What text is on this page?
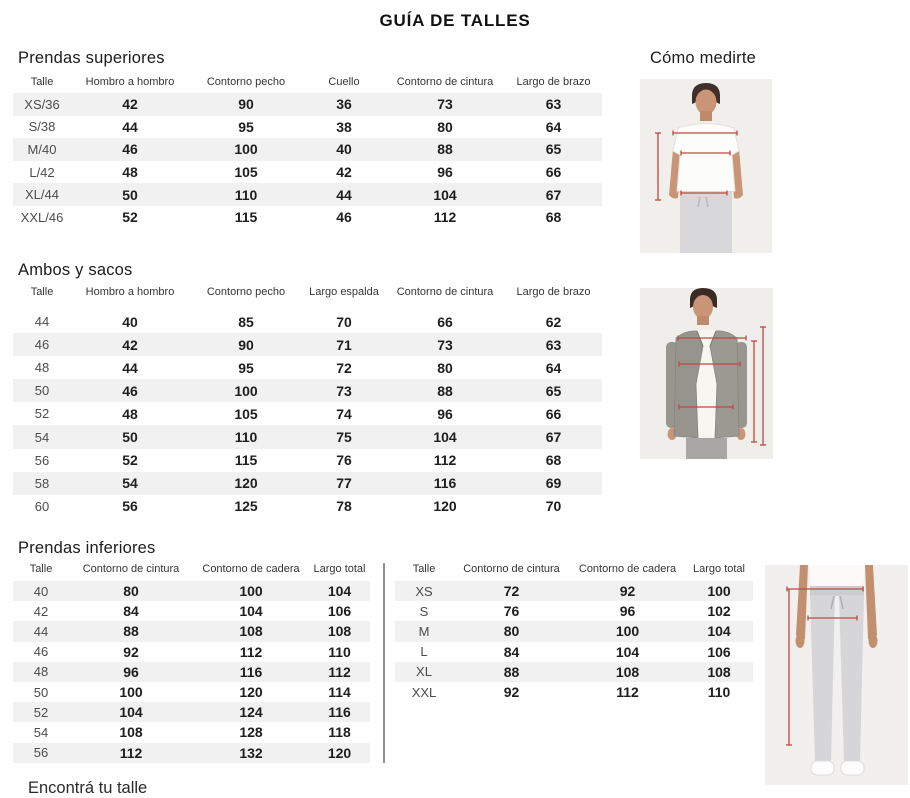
GUÍA DE TALLES
Prendas superiores
Talle	Hombro a hombro	Contorno pecho	Cuello	Contorno de cintura	Largo de brazo
XS/36	42	90	36	73	63
S/38	44	95	38	80	64
M/40	46	100	40	88	65
L/42	48	105	42	96	66
XL/44	50	110	44	104	67
XXL/46	52	115	46	112	68
Ambos y sacos
Talle	Hombro a hombro	Contorno pecho	Largo espalda	Contorno de cintura	Largo de brazo
44	40	85	70	66	62
46	42	90	71	73	63
48	44	95	72	80	64
50	46	100	73	88	65
52	48	105	74	96	66
54	50	110	75	104	67
56	52	115	76	112	68
58	54	120	77	116	69
60	56	125	78	120	70
Prendas inferiores
Talle	Contorno de cintura	Contorno de cadera	Largo total
40	80	100	104
42	84	104	106
44	88	108	108
46	92	112	110
48	96	116	112
50	100	120	114
52	104	124	116
54	108	128	118
56	112	132	120
Talle	Contorno de cintura	Contorno de cadera	Largo total
XS	72	92	100
S	76	96	102
M	80	100	104
L	84	104	106
XL	88	108	108
XXL	92	112	110
Cómo medirte
Encontrá tu talle
